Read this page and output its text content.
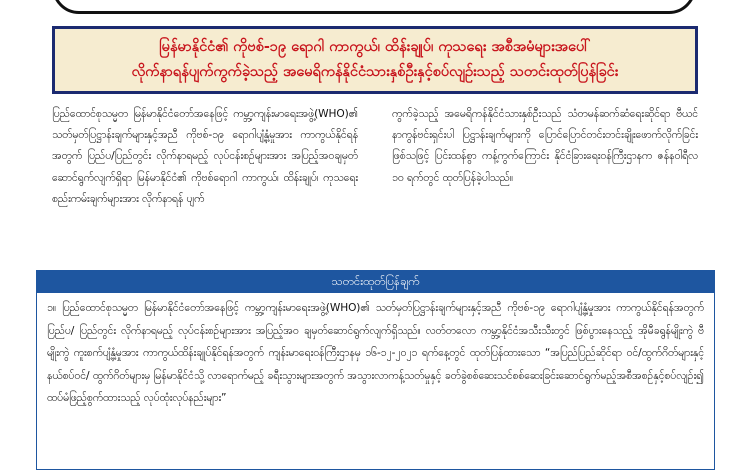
မြန်မာနိုင်ငံ၏ ကိုဗစ်-၁၉ ရောဂါ ကာကွယ်၊ ထိန်းချုပ်၊ ကုသရေး အစီအမံများအပေါ်
လိုက်နာရန်ပျက်ကွက်ခဲ့သည့် အမေရိကန်နိုင်ငံသားနှစ်ဦးနှင့်စပ်လျဉ်းသည့် သတင်းထုတ်ပြန်ခြင်း
ပြည်ထောင်စုသမ္မတ မြန်မာနိုင်ငံတော်အနေဖြင့် ကမ္ဘာ့ကျန်းမာရေးအဖွဲ့(WHO)၏ သတ်မှတ်ပြဋ္ဌာန်းချက်များနှင့်အညီ ကိုဗစ်-၁၉ ရောဂါပျံ့နှံ့မှုအား ကာကွယ်နိုင်ရန်အတွက် ပြည်ပ/ပြည်တွင်း လိုက်နာရမည့် လုပ်ငန်းစဉ်များအား အပြည့်အဝချမှတ်ဆောင်ရွက်လျက်ရှိရာ မြန်မာနိုင်ငံ၏ ကိုဗစ်ရောဂါ ကာကွယ်၊ ထိန်းချုပ်၊ ကုသရေးစည်းကမ်းချက်များအား လိုက်နာရန် ပျက်
ကွက်ခဲ့သည့် အမေရိကန်နိုင်ငံသားနှစ်ဦးသည် သံတမန်ဆက်ဆံရေးဆိုင်ရာ ဗီယင်နာကွန်ဗင်းရှင်းပါ ပြဋ္ဌာန်းချက်များကို ပြောင်ပြောင်တင်းတင်းချိုးဖောက်လိုက်ခြင်းဖြစ်သဖြင့် ပြင်းထန်စွာ ကန့်ကွက်ကြောင်း နိုင်ငံခြားရေးဝန်ကြီးဌာနက ဇန်နဝါရီလ ၁၀ ရက်တွင် ထုတ်ပြန်ခဲ့ပါသည်။
သတင်းထုတ်ပြန်ချက်
၁။ ပြည်ထောင်စုသမ္မတ မြန်မာနိုင်ငံတော်အနေဖြင့် ကမ္ဘာ့ကျန်းမာရေးအဖွဲ့(WHO)၏ သတ်မှတ်ပြဋ္ဌာန်းချက်များနှင့်အညီ ကိုဗစ်-၁၉ ရောဂါပျံ့နှံ့မှုအား ကာကွယ်နိုင်ရန်အတွက် ပြည်ပ/ ပြည်တွင်း လိုက်နာရမည့် လုပ်ငန်းစဉ်များအား အပြည့်အဝ ချမှတ်ဆောင်ရွက်လျက်ရှိသည်။ လတ်တလော ကမ္ဘာ့နိုင်ငံအသီးသီးတွင် ဖြစ်ပွားနေသည့် အိုမီခရွန်မျိုးကွဲ ဗီမျိုးကွဲ ကူးစက်ပျံ့နှံ့မှုအား ကာကွယ်ထိန်းချုပ်နိုင်ရန်အတွက် ကျန်းမာရေးဝန်ကြီးဌာနမှ ၁၆-၁၂-၂၀၂၁ ရက်နေ့တွင် ထုတ်ပြန်ထားသော “အပြည်ပြည်ဆိုင်ရာ ဝင်/ထွက်ဂိတ်များနှင့် နယ်စပ်ဝင်/ ထွက်ဂိတ်များမှ မြန်မာနိုင်ငံသို့ လာရောက်မည့် ခရီးသွားများအတွက် အသွားလာကန့်သတ်မှုနှင့် ခတ်ခွဲစစ်ဆေးသင်စစ်ဆေးခြင်းဆောင်ရွက်မည့်အစီအစဉ်နှင့်စပ်လျဉ်း၍ ထပ်မံဖြည့်စွက်ထားသည့် လုပ်ထုံးလုပ်နည်းများ”
